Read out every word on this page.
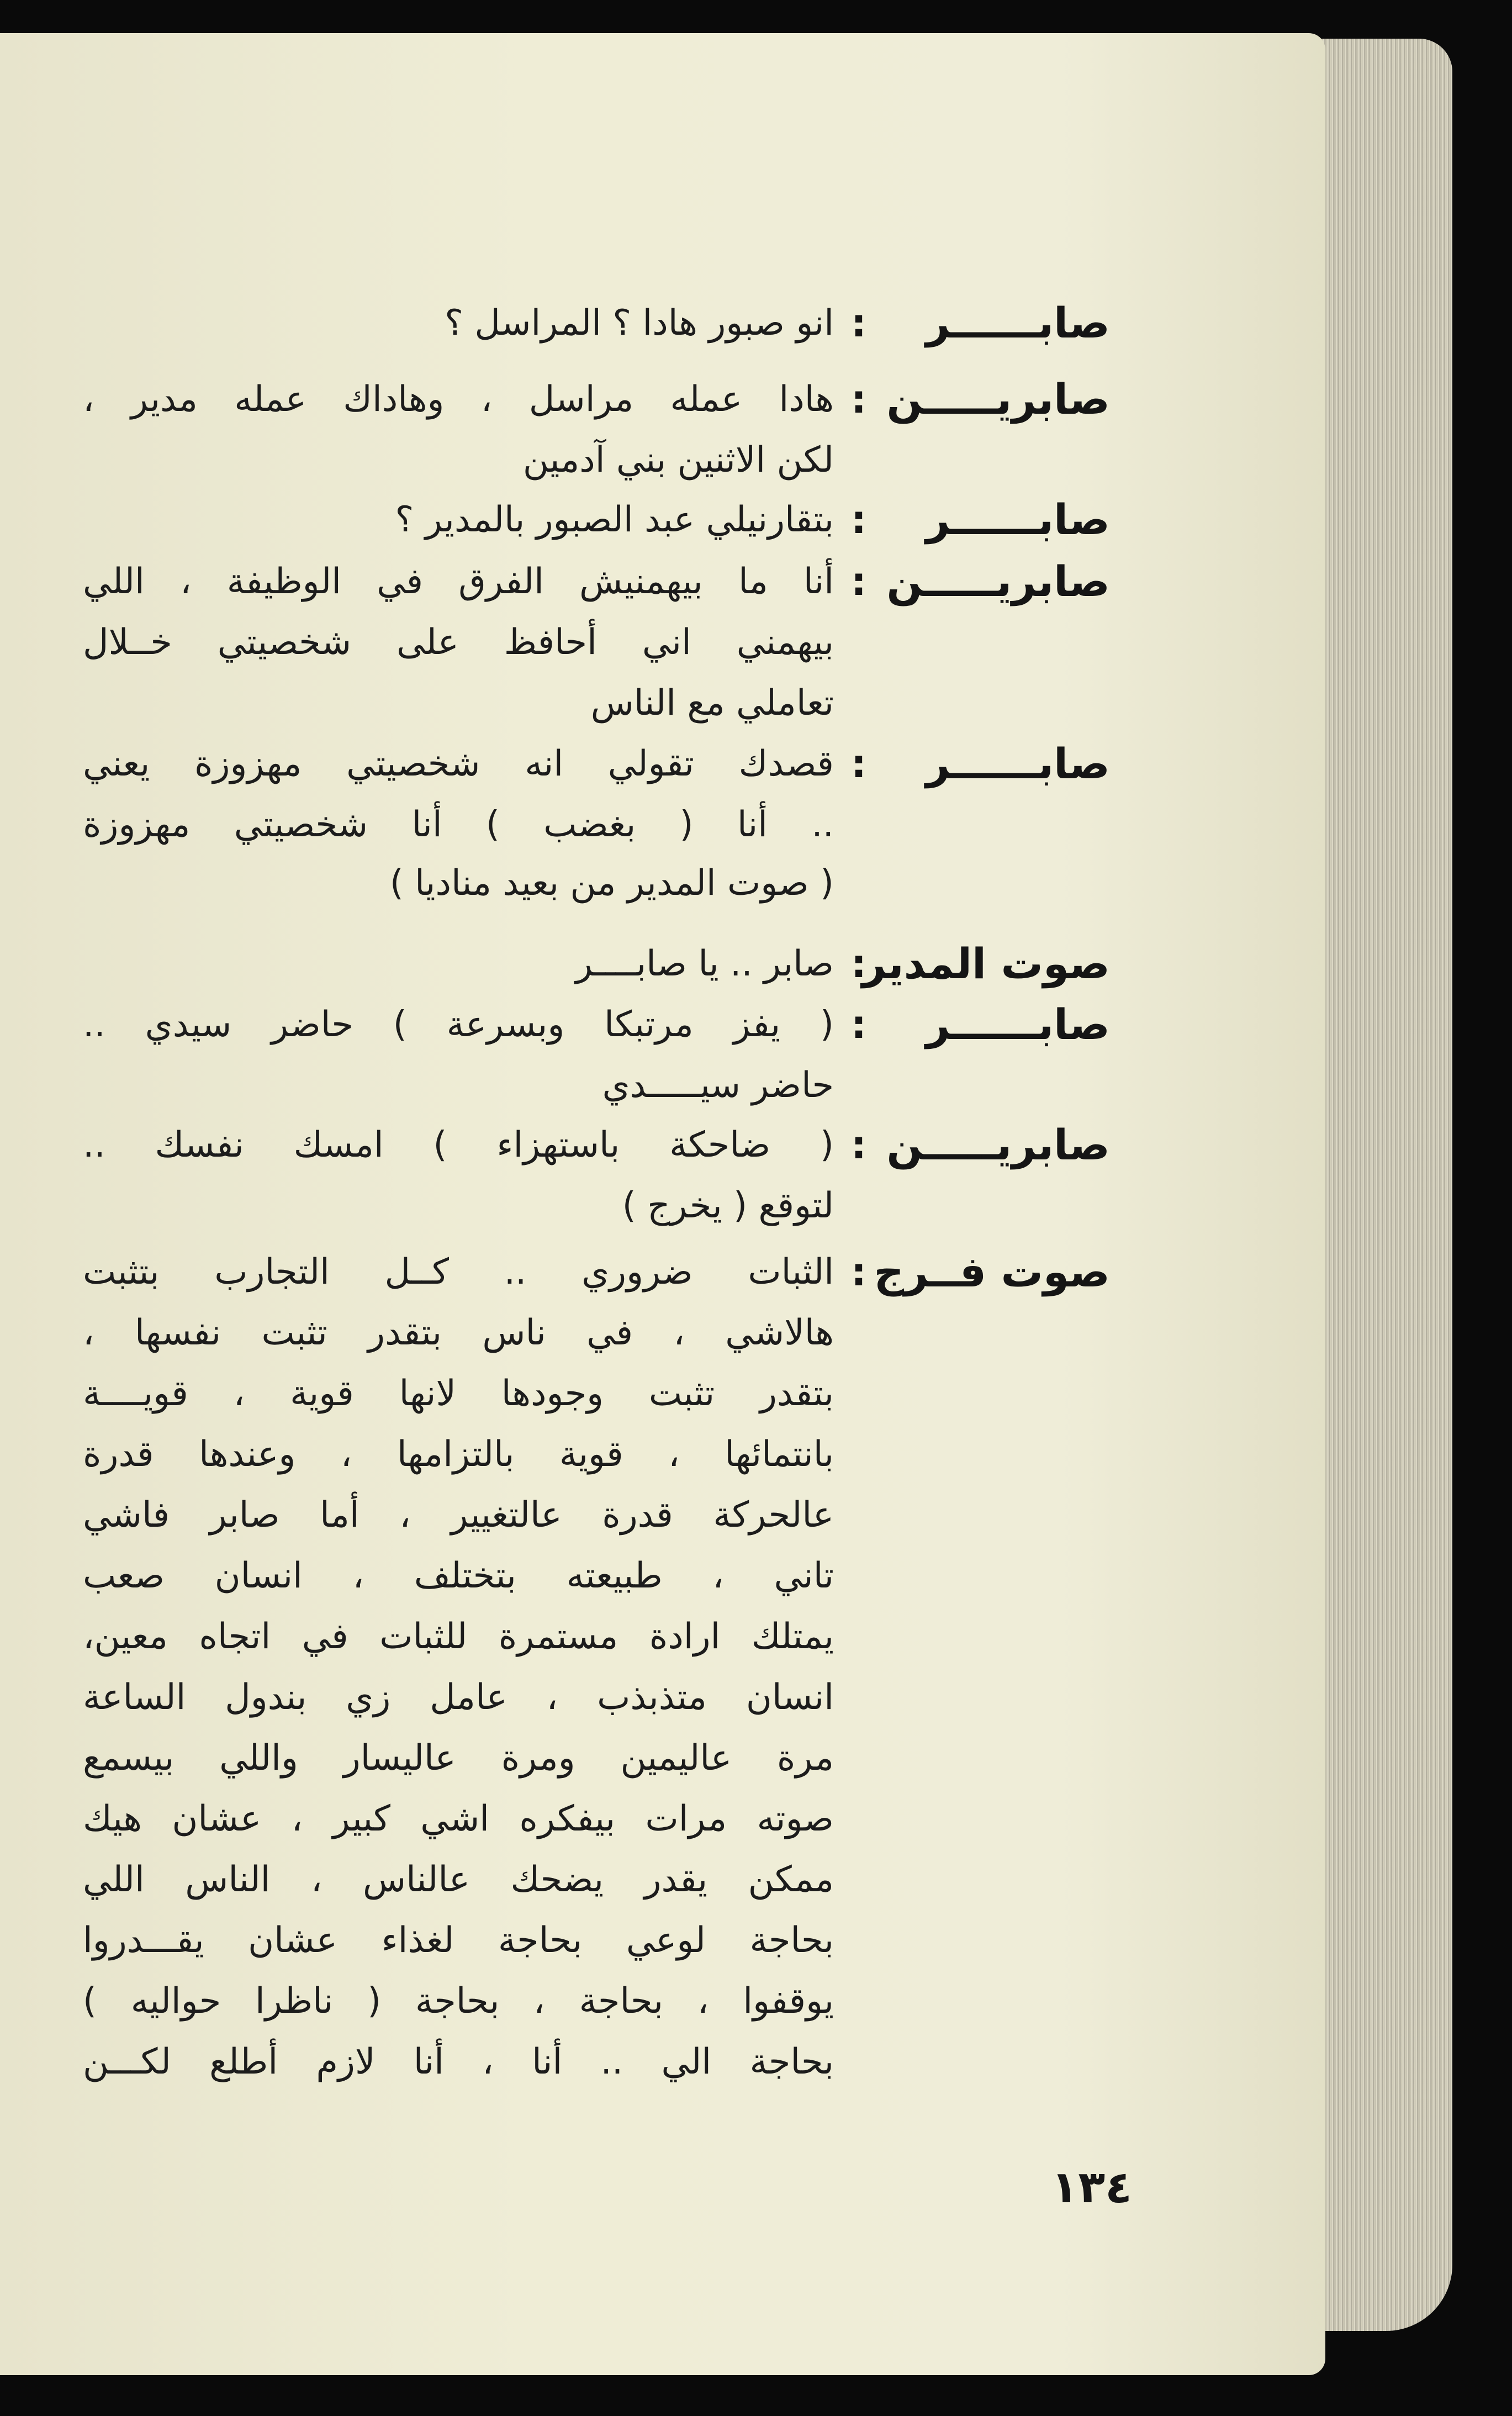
صابــــــر
:
انو صبور هادا ؟ المراسل ؟
صابريـــــن
:
هادا عمله مراسل ، وهاداك عمله مدير ،
لكن الاثنين بني آدمين
صابــــــر
:
بتقارنيلي عبد الصبور بالمدير ؟
صابريـــــن
:
أنا ما بيهمنيش الفرق في الوظيفة ، اللي
بيهمني اني أحافظ على شخصيتي خــلال
تعاملي مع الناس
صابــــــر
:
قصدك تقولي انه شخصيتي مهزوزة يعني
.. أنا ( بغضب ) أنا شخصيتي مهزوزة
( صوت المدير من بعيد مناديا )
صوت المدير
:
صابر .. يا صابــــر
صابــــــر
:
( يفز مرتبكا وبسرعة ) حاضر سيدي ..
حاضر سيـــــدي
صابريـــــن
:
( ضاحكة باستهزاء ) امسك نفسك ..
لتوقع ( يخرج )
صوت فــرج
:
الثبات ضروري .. كــل التجارب بتثبت
هالاشي ، في ناس بتقدر تثبت نفسها ،
بتقدر تثبت وجودها لانها قوية ، قويــــة
بانتمائها ، قوية بالتزامها ، وعندها قدرة
عالحركة قدرة عالتغيير ، أما صابر فاشي
تاني ، طبيعته بتختلف ، انسان صعب
يمتلك ارادة مستمرة للثبات في اتجاه معين،
انسان متذبذب ، عامل زي بندول الساعة
مرة عاليمين ومرة عاليسار واللي بيسمع
صوته مرات بيفكره اشي كبير ، عشان هيك
ممكن يقدر يضحك عالناس ، الناس اللي
بحاجة لوعي بحاجة لغذاء عشان يقـــدروا
يوقفوا ، بحاجة ، بحاجة ( ناظرا حواليه )
بحاجة الي .. أنا ، أنا لازم أطلع لكـــن
١٣٤
